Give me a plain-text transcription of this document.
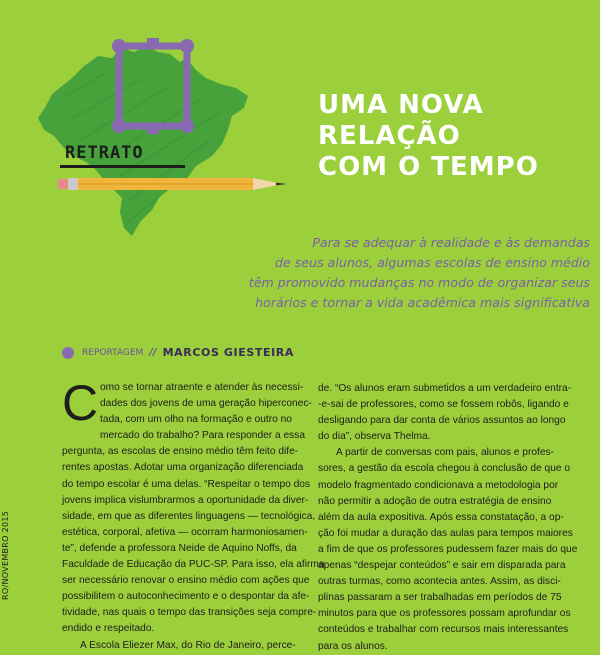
RETRATO
UMA NOVA
RELAÇÃO
COM O TEMPO
Para se adequar à realidade e às demandas
de seus alunos, algumas escolas de ensino médio
têm promovido mudanças no modo de organizar seus
horários e tornar a vida acadêmica mais significativa
REPORTAGEM // MARCOS GIESTEIRA
C omo se tornar atraente e atender às necessi-
dades dos jovens de uma geração hiperconec-
tada, com um olho na formação e outro no
mercado do trabalho? Para responder a essa
pergunta, as escolas de ensino médio têm feito dife-
rentes apostas. Adotar uma organização diferenciada
do tempo escolar é uma delas. “Respeitar o tempo dos
jovens implica vislumbrarmos a oportunidade da diver-
sidade, em que as diferentes linguagens — tecnológica,
estética, corporal, afetiva — ocorram harmoniosamen-
te”, defende a professora Neide de Aquino Noffs, da
Faculdade de Educação da PUC-SP. Para isso, ela afirma
ser necessário renovar o ensino médio com ações que
possibilitem o autoconhecimento e o despontar da afe-
tividade, nas quais o tempo das transições seja compre-
endido e respeitado.
A Escola Eliezer Max, do Rio de Janeiro, perce-
de. “Os alunos eram submetidos a um verdadeiro entra-
-e-sai de professores, como se fossem robôs, ligando e
desligando para dar conta de vários assuntos ao longo
do dia”, observa Thelma.
A partir de conversas com pais, alunos e profes-
sores, a gestão da escola chegou à conclusão de que o
modelo fragmentado condicionava a metodologia por
não permitir a adoção de outra estratégia de ensino
além da aula expositiva. Após essa constatação, a op-
ção foi mudar a duração das aulas para tempos maiores
a fim de que os professores pudessem fazer mais do que
apenas “despejar conteúdos” e sair em disparada para
outras turmas, como acontecia antes. Assim, as disci-
plinas passaram a ser trabalhadas em períodos de 75
minutos para que os professores possam aprofundar os
conteúdos e trabalhar com recursos mais interessantes
para os alunos.
RO/NOVEMBRO 2015
